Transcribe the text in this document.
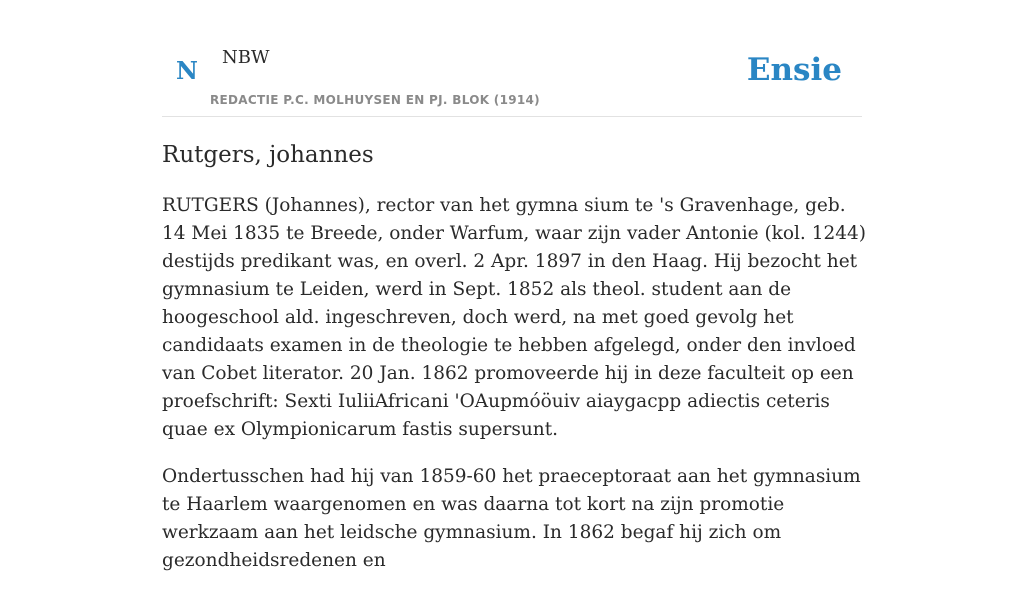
N NBW
REDACTIE P.C. MOLHUYSEN EN PJ. BLOK (1914)
Ensie
Rutgers, johannes

RUTGERS (Johannes), rector van het gymna sium te 's Gravenhage, geb. 14 Mei 1835 te Breede, onder Warfum, waar zijn vader Antonie (kol. 1244) destijds predikant was, en overl. 2 Apr. 1897 in den Haag. Hij bezocht het gymnasium te Leiden, werd in Sept. 1852 als theol. student aan de hoogeschool ald. ingeschreven, doch werd, na met goed gevolg het candidaats examen in de theologie te hebben afgelegd, onder den invloed van Cobet literator. 20 Jan. 1862 promoveerde hij in deze faculteit op een proefschrift: Sexti IuliiAfricani 'OAupmóöuiv aiaygacpp adiectis ceteris quae ex Olympionicarum fastis supersunt.

Ondertusschen had hij van 1859-60 het praeceptoraat aan het gymnasium te Haarlem waargenomen en was daarna tot kort na zijn promotie werkzaam aan het leidsche gymnasium. In 1862 begaf hij zich om gezondheidsredenen en
